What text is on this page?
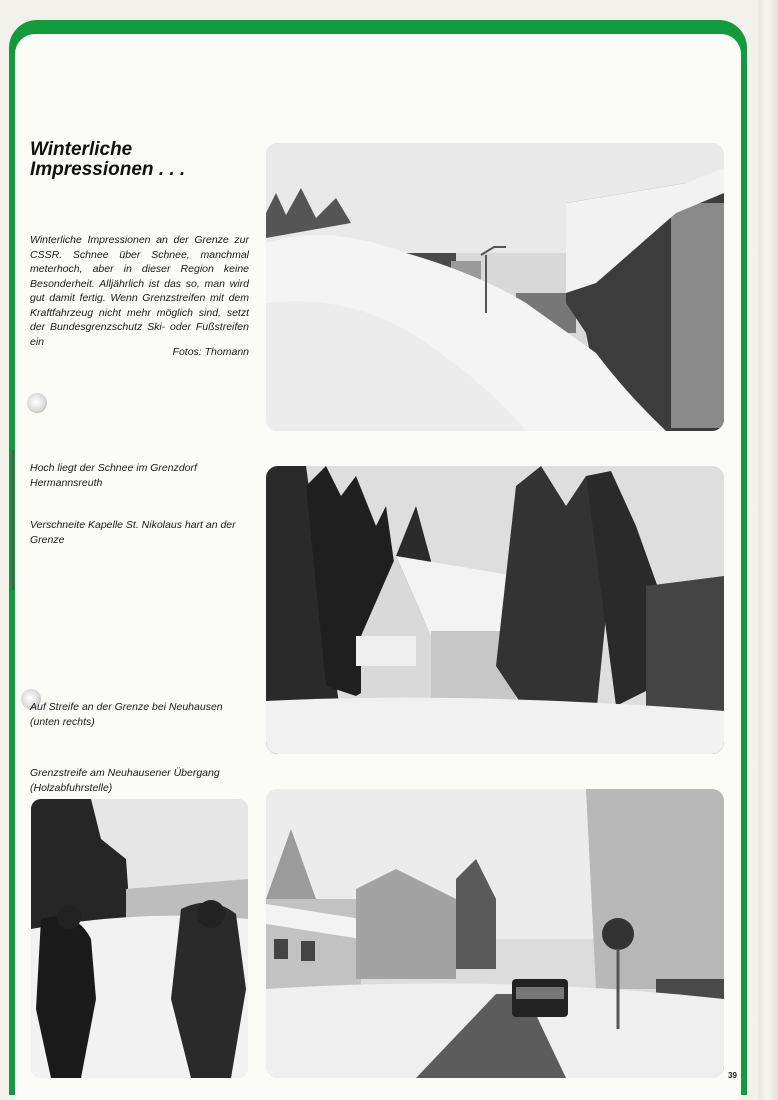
Winterliche
Impressionen . . .
Winterliche Impressionen an der Grenze zur CSSR. Schnee über Schnee, manchmal meterhoch, aber in dieser Region keine Besonderheit. Alljährlich ist das so, man wird gut damit fertig. Wenn Grenzstreifen mit dem Kraftfahrzeug nicht mehr möglich sind, setzt der Bundesgrenzschutz Ski- oder Fußstreifen ein
Fotos: Thomann
Hoch liegt der Schnee im Grenzdorf Hermannsreuth
Verschneite Kapelle St. Nikolaus hart an der Grenze
Auf Streife an der Grenze bei Neuhausen (unten rechts)
Grenzstreife am Neuhausener Übergang (Holzabfuhrstelle)
39
